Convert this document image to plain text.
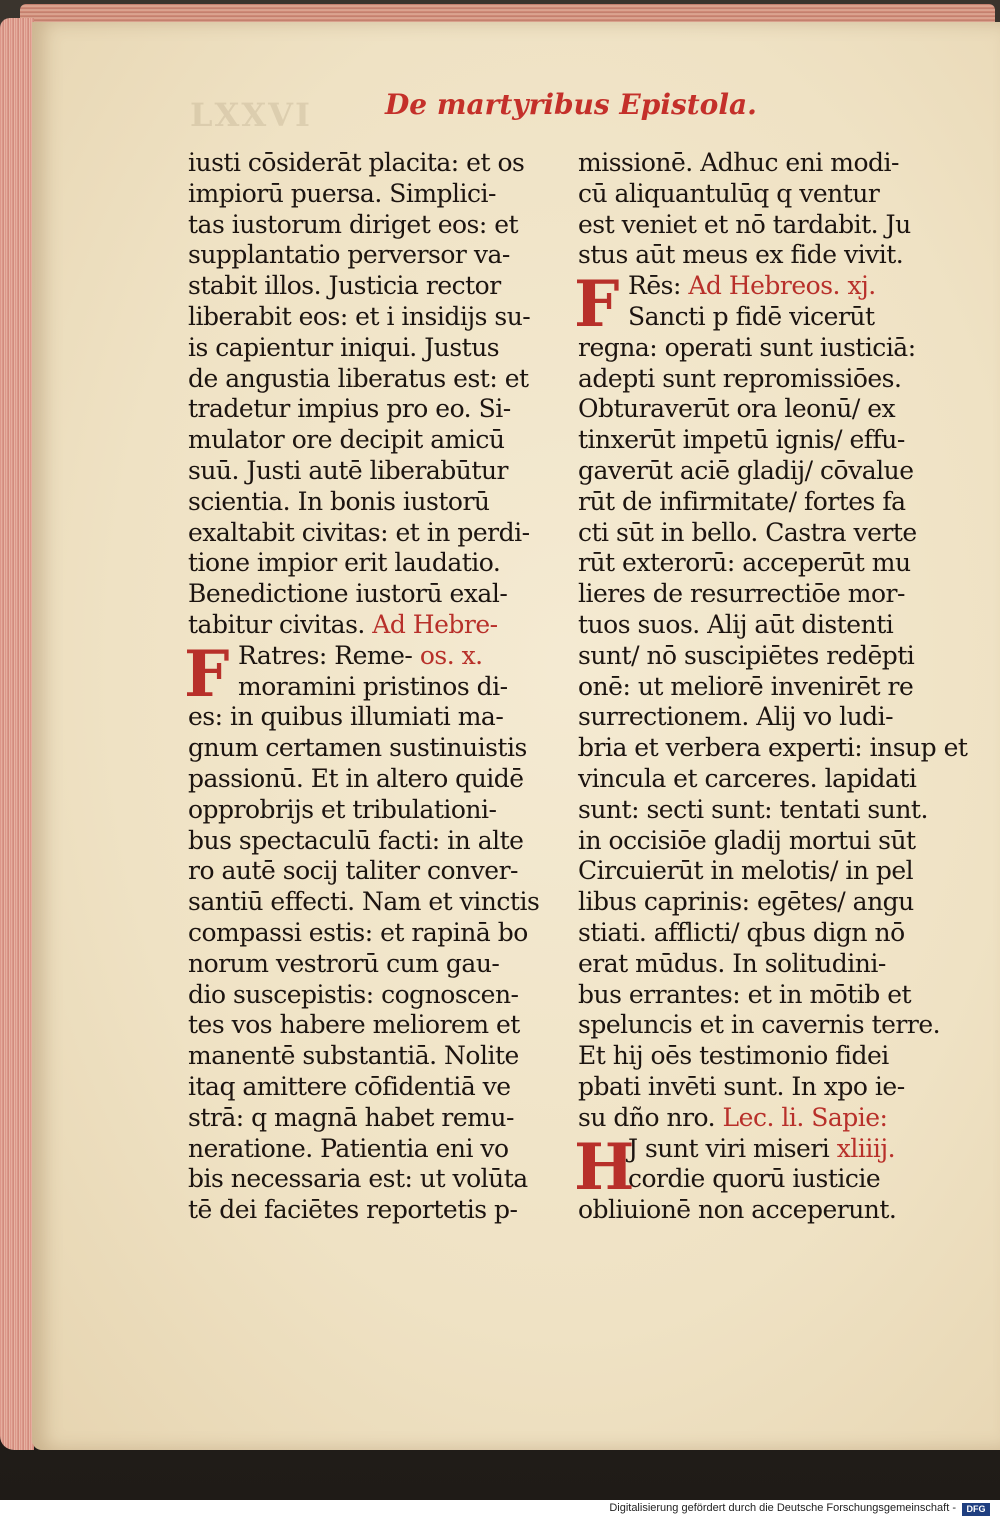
LXXVI	De martyribus Epistola.
iusti cōsiderāt placita: et os
impiorū puersa. Simplici-
tas iustorum diriget eos: et
supplantatio perversor va-
stabit illos. Justicia rector
liberabit eos: et i insidijs su-
is capientur iniqui. Justus
de angustia liberatus est: et
tradetur impius pro eo. Si-
mulator ore decipit amicū
suū. Justi autē liberabūtur
scientia. In bonis iustorū
exaltabit civitas: et in perdi-
tione impior erit laudatio.
Benedictione iustorū exal-
tabitur civitas. Ad Hebre-
F Ratres: Reme- os. x.
moramini pristinos di-
es: in quibus illumiati ma-
gnum certamen sustinuistis
passionū. Et in altero quidē
opprobrijs et tribulationi-
bus spectaculū facti: in alte
ro autē socij taliter conver-
santiū effecti. Nam et vinctis
compassi estis: et rapinā bo
norum vestrorū cum gau-
dio suscepistis: cognoscen-
tes vos habere meliorem et
manentē substantiā. Nolite
itaq amittere cōfidentiā ve
strā: q magnā habet remu-
neratione. Patientia eni vo
bis necessaria est: ut volūta
tē dei faciētes reportetis p-
missionē. Adhuc eni modi-
cū aliquantulūq q ventur
est veniet et nō tardabit. Ju
stus aūt meus ex fide vivit.
F Rēs: Ad Hebreos. xj.
Sancti p fidē vicerūt
regna: operati sunt iusticiā:
adepti sunt repromissiōes.
Obturaverūt ora leonū/ ex
tinxerūt impetū ignis/ effu-
gaverūt aciē gladij/ cōvalue
rūt de infirmitate/ fortes fa
cti sūt in bello. Castra verte
rūt exterorū: acceperūt mu
lieres de resurrectiōe mor-
tuos suos. Alij aūt distenti
sunt/ nō suscipiētes redēpti
onē: ut meliorē invenirēt re
surrectionem. Alij vo ludi-
bria et verbera experti: insup et
vincula et carceres. lapidati
sunt: secti sunt: tentati sunt.
in occisiōe gladij mortui sūt
Circuierūt in melotis/ in pel
libus caprinis: egētes/ angu
stiati. afflicti/ qbus dign nō
erat mūdus. In solitudini-
bus errantes: et in mōtib et
speluncis et in cavernis terre.
Et hij oēs testimonio fidei
pbati invēti sunt. In xpo ie-
su dño nro. Lec. li. Sapie:
H
J sunt viri miseri xliiij.
cordie quorū iusticie
obliuionē non acceperunt.
Digitalisierung gefördert durch die Deutsche Forschungsgemeinschaft -	DFG
